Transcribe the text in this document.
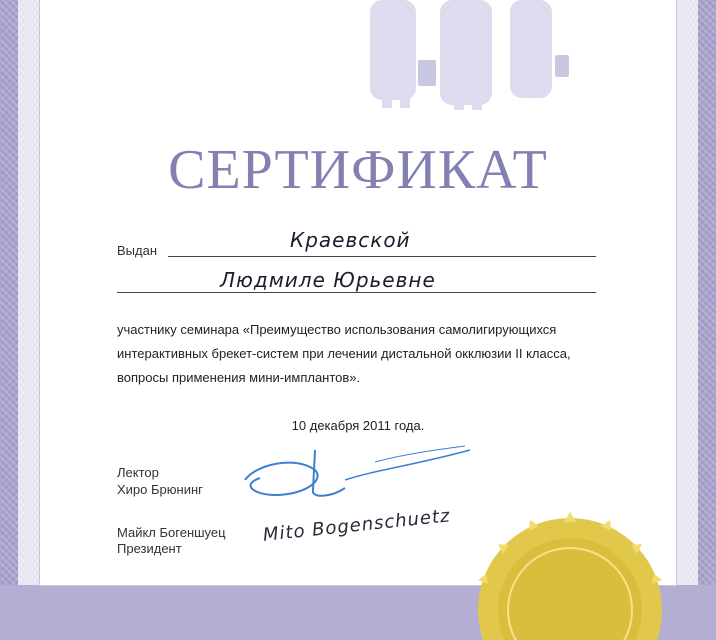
СЕРТИФИКАТ
Выдан	Краевской
Людмиле Юрьевне
участнику семинара «Преимущество использования самолигирующихся
интерактивных брекет-систем при лечении дистальной окклюзии II класса,
вопросы применения мини-имплантов».
10 декабря 2011 года.
Лектор
Хиро Брюнинг
Майкл Богеншуец
Президент
Mito Bogenschuetz
